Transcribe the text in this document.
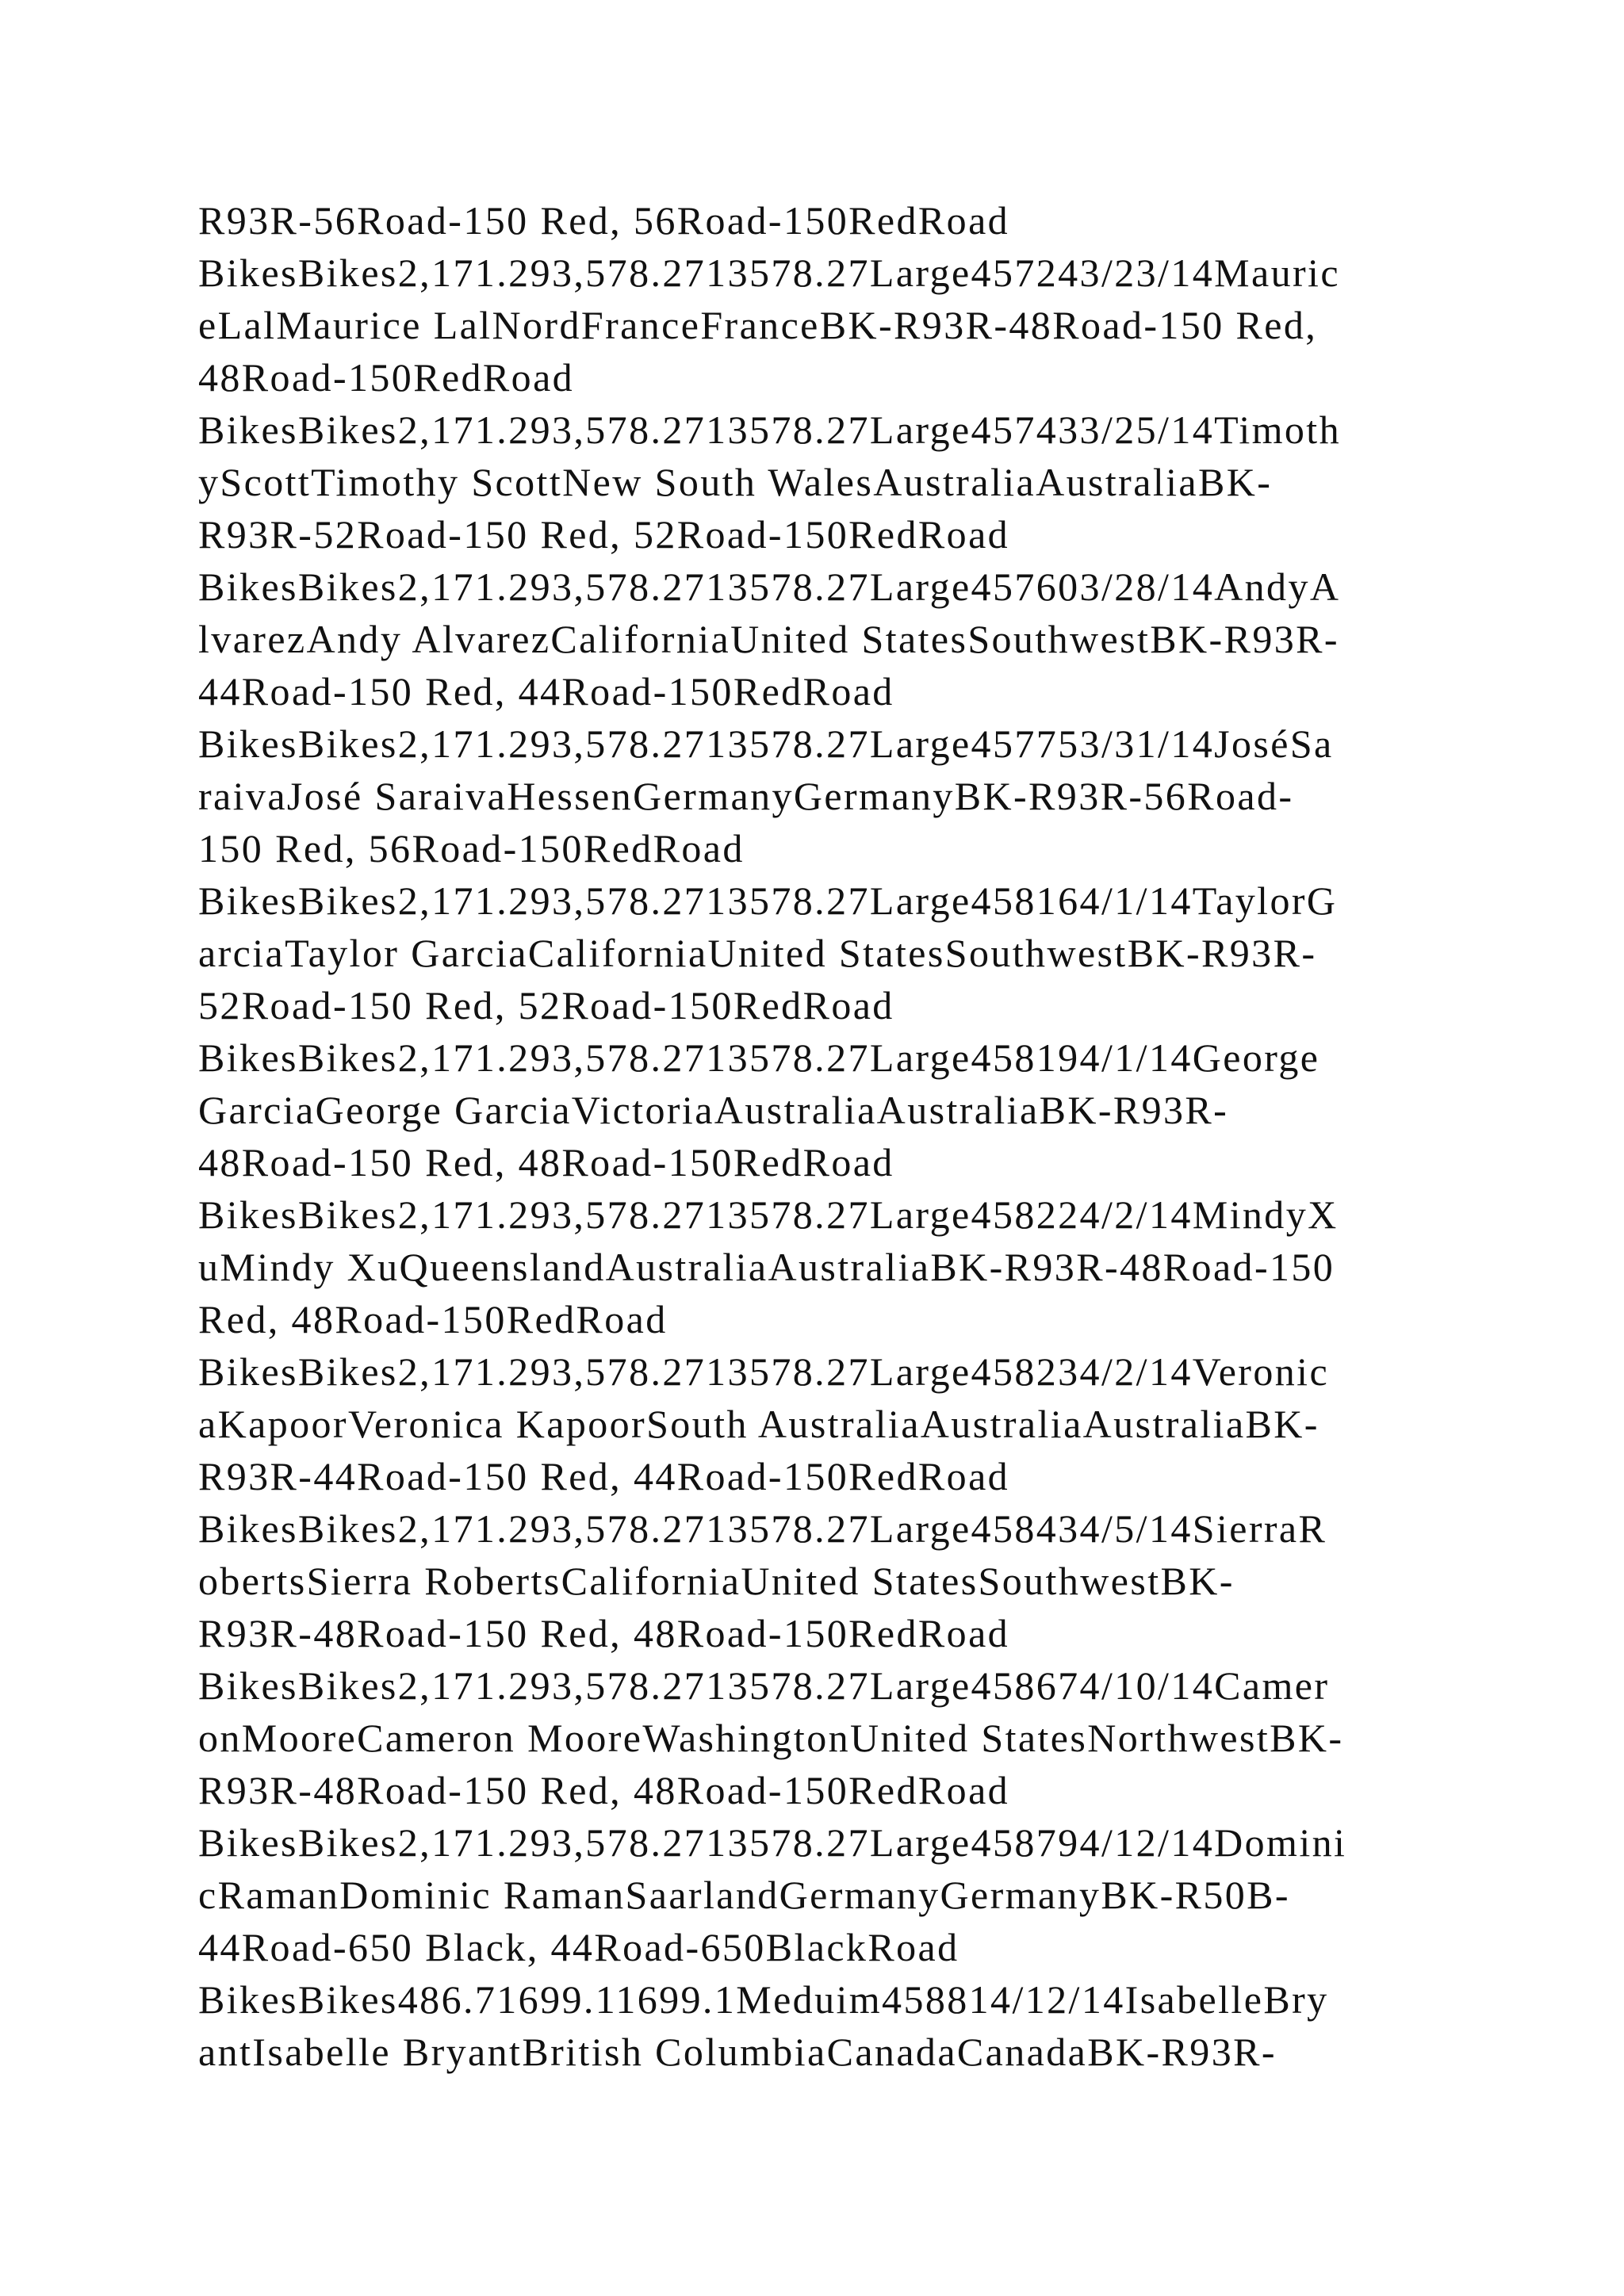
R93R-56Road-150 Red, 56Road-150RedRoad
BikesBikes2,171.293,578.2713578.27Large457243/23/14Mauric
eLalMaurice LalNordFranceFranceBK-R93R-48Road-150 Red,
48Road-150RedRoad
BikesBikes2,171.293,578.2713578.27Large457433/25/14Timoth
yScottTimothy ScottNew South WalesAustraliaAustraliaBK-
R93R-52Road-150 Red, 52Road-150RedRoad
BikesBikes2,171.293,578.2713578.27Large457603/28/14AndyA
lvarezAndy AlvarezCaliforniaUnited StatesSouthwestBK-R93R-
44Road-150 Red, 44Road-150RedRoad
BikesBikes2,171.293,578.2713578.27Large457753/31/14JoséSa
raivaJosé SaraivaHessenGermanyGermanyBK-R93R-56Road-
150 Red, 56Road-150RedRoad
BikesBikes2,171.293,578.2713578.27Large458164/1/14TaylorG
arciaTaylor GarciaCaliforniaUnited StatesSouthwestBK-R93R-
52Road-150 Red, 52Road-150RedRoad
BikesBikes2,171.293,578.2713578.27Large458194/1/14George
GarciaGeorge GarciaVictoriaAustraliaAustraliaBK-R93R-
48Road-150 Red, 48Road-150RedRoad
BikesBikes2,171.293,578.2713578.27Large458224/2/14MindyX
uMindy XuQueenslandAustraliaAustraliaBK-R93R-48Road-150
Red, 48Road-150RedRoad
BikesBikes2,171.293,578.2713578.27Large458234/2/14Veronic
aKapoorVeronica KapoorSouth AustraliaAustraliaAustraliaBK-
R93R-44Road-150 Red, 44Road-150RedRoad
BikesBikes2,171.293,578.2713578.27Large458434/5/14SierraR
obertsSierra RobertsCaliforniaUnited StatesSouthwestBK-
R93R-48Road-150 Red, 48Road-150RedRoad
BikesBikes2,171.293,578.2713578.27Large458674/10/14Camer
onMooreCameron MooreWashingtonUnited StatesNorthwestBK-
R93R-48Road-150 Red, 48Road-150RedRoad
BikesBikes2,171.293,578.2713578.27Large458794/12/14Domini
cRamanDominic RamanSaarlandGermanyGermanyBK-R50B-
44Road-650 Black, 44Road-650BlackRoad
BikesBikes486.71699.11699.1Meduim458814/12/14IsabelleBry
antIsabelle BryantBritish ColumbiaCanadaCanadaBK-R93R-
